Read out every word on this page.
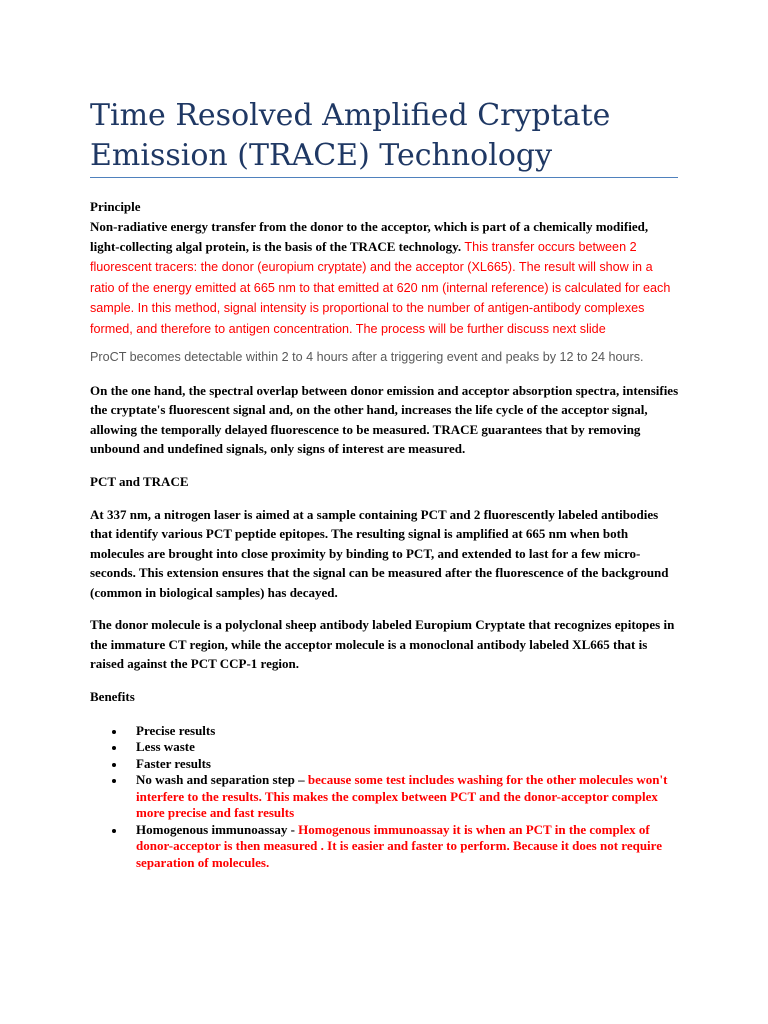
Time Resolved Amplified Cryptate Emission (TRACE) Technology

Principle

Non-radiative energy transfer from the donor to the acceptor, which is part of a chemically modified, light-collecting algal protein, is the basis of the TRACE technology. This transfer occurs between 2 fluorescent tracers: the donor (europium cryptate) and the acceptor (XL665). The result will show in a ratio of the energy emitted at 665 nm to that emitted at 620 nm (internal reference) is calculated for each sample. In this method, signal intensity is proportional to the number of antigen-antibody complexes formed, and therefore to antigen concentration. The process will be further discuss next slide

ProCT becomes detectable within 2 to 4 hours after a triggering event and peaks by 12 to 24 hours.

On the one hand, the spectral overlap between donor emission and acceptor absorption spectra, intensifies the cryptate's fluorescent signal and, on the other hand, increases the life cycle of the acceptor signal, allowing the temporally delayed fluorescence to be measured. TRACE guarantees that by removing unbound and undefined signals, only signs of interest are measured.

PCT and TRACE

At 337 nm, a nitrogen laser is aimed at a sample containing PCT and 2 fluorescently labeled antibodies that identify various PCT peptide epitopes. The resulting signal is amplified at 665 nm when both molecules are brought into close proximity by binding to PCT, and extended to last for a few micro-seconds. This extension ensures that the signal can be measured after the fluorescence of the background (common in biological samples) has decayed.

The donor molecule is a polyclonal sheep antibody labeled Europium Cryptate that recognizes epitopes in the immature CT region, while the acceptor molecule is a monoclonal antibody labeled XL665 that is raised against the PCT CCP-1 region.

Benefits

Precise results
Less waste
Faster results
No wash and separation step – because some test includes washing for the other molecules won't interfere to the results. This makes the complex between PCT and the donor-acceptor complex more precise and fast results
Homogenous immunoassay - Homogenous immunoassay it is when an PCT in the complex of donor-acceptor is then measured . It is easier and faster to perform. Because it does not require separation of molecules.
